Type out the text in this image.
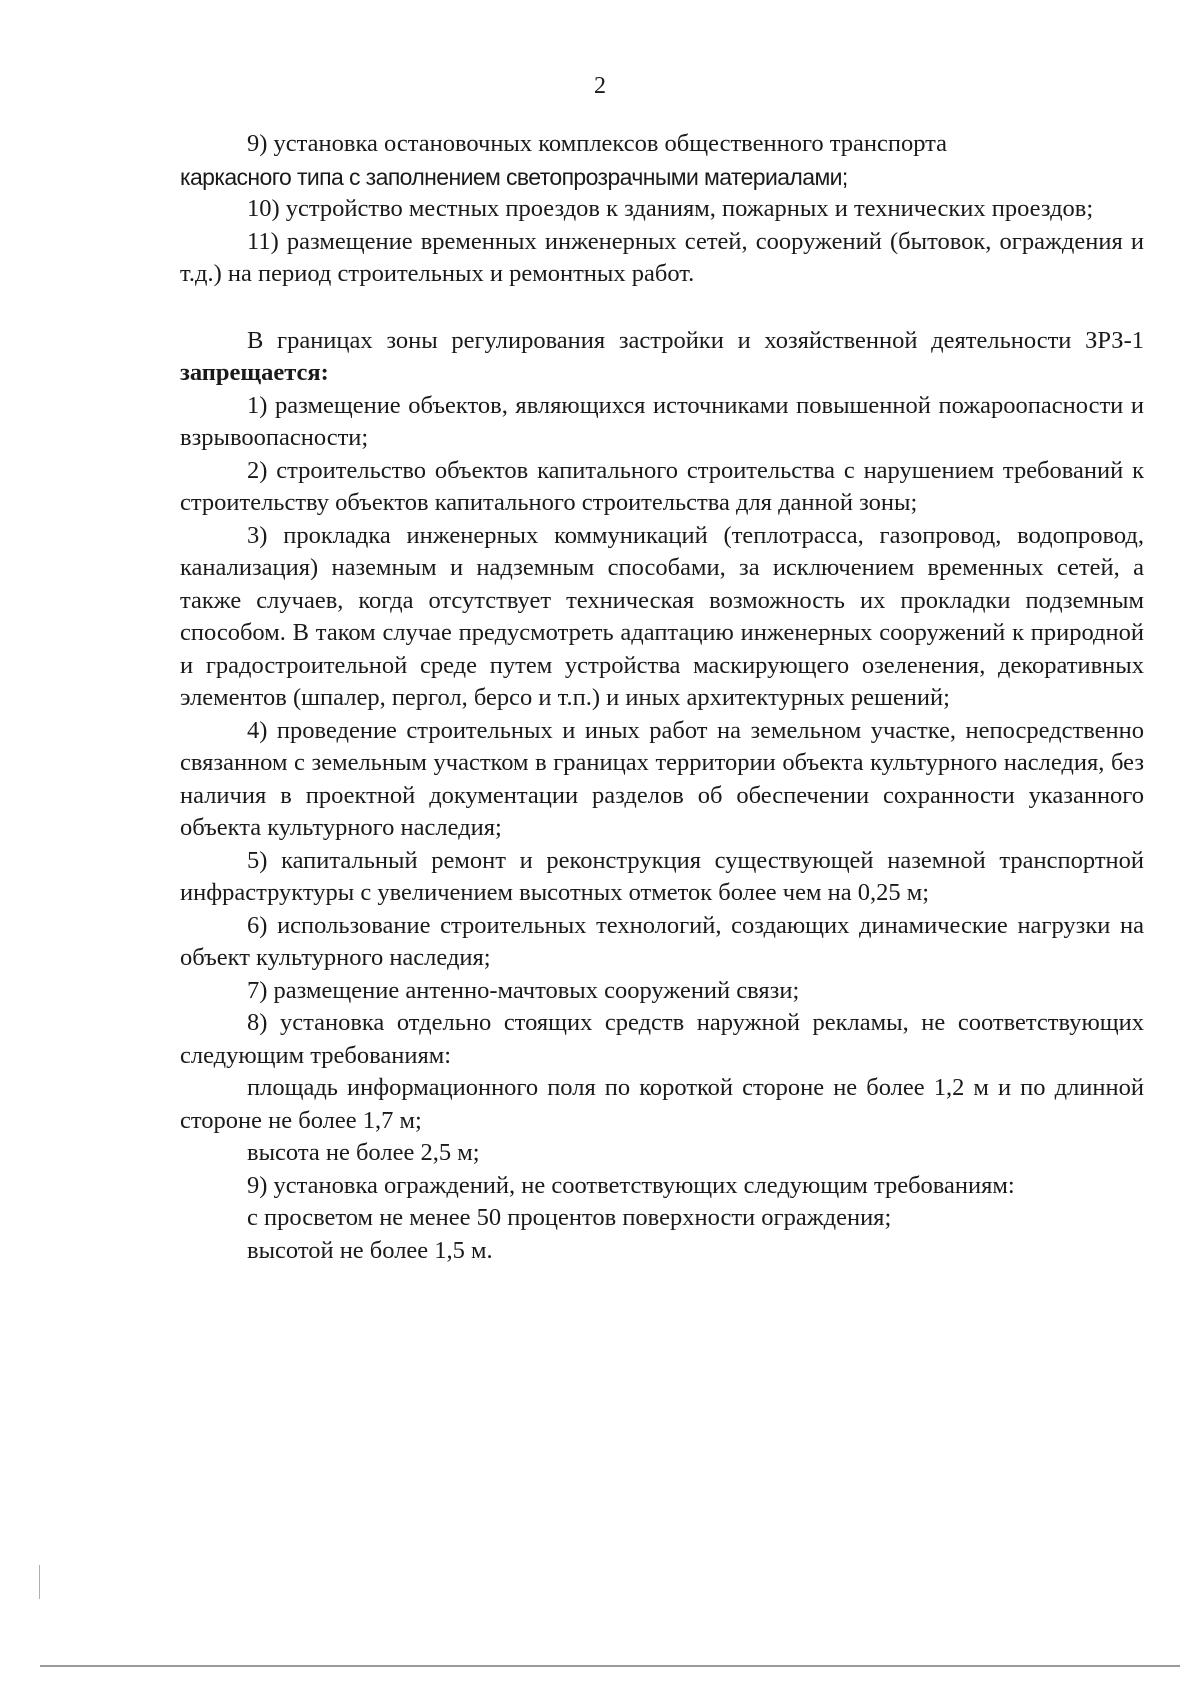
2

9) установка остановочных комплексов общественного транспорта

каркасного типа с заполнением светопрозрачными материалами;

10) устройство местных проездов к зданиям, пожарных и технических проездов;

11) размещение временных инженерных сетей, сооружений (бытовок, ограждения и т.д.) на период строительных и ремонтных работ.

В границах зоны регулирования застройки и хозяйственной деятельности ЗРЗ-1 запрещается:

1) размещение объектов, являющихся источниками повышенной пожароопасности и взрывоопасности;

2) строительство объектов капитального строительства с нарушением требований к строительству объектов капитального строительства для данной зоны;

3) прокладка инженерных коммуникаций (теплотрасса, газопровод, водопровод, канализация) наземным и надземным способами, за исключением временных сетей, а также случаев, когда отсутствует техническая возможность их прокладки подземным способом. В таком случае предусмотреть адаптацию инженерных сооружений к природной и градостроительной среде путем устройства маскирующего озеленения, декоративных элементов (шпалер, пергол, берсо и т.п.) и иных архитектурных решений;

4) проведение строительных и иных работ на земельном участке, непосредственно связанном с земельным участком в границах территории объекта культурного наследия, без наличия в проектной документации разделов об обеспечении сохранности указанного объекта культурного наследия;

5) капитальный ремонт и реконструкция существующей наземной транспортной инфраструктуры с увеличением высотных отметок более чем на 0,25 м;

6) использование строительных технологий, создающих динамические нагрузки на объект культурного наследия;

7) размещение антенно-мачтовых сооружений связи;

8) установка отдельно стоящих средств наружной рекламы, не соответствующих следующим требованиям:

площадь информационного поля по короткой стороне не более 1,2 м и по длинной стороне не более 1,7 м;

высота не более 2,5 м;

9) установка ограждений, не соответствующих следующим требованиям:

с просветом не менее 50 процентов поверхности ограждения;

высотой не более 1,5 м.
